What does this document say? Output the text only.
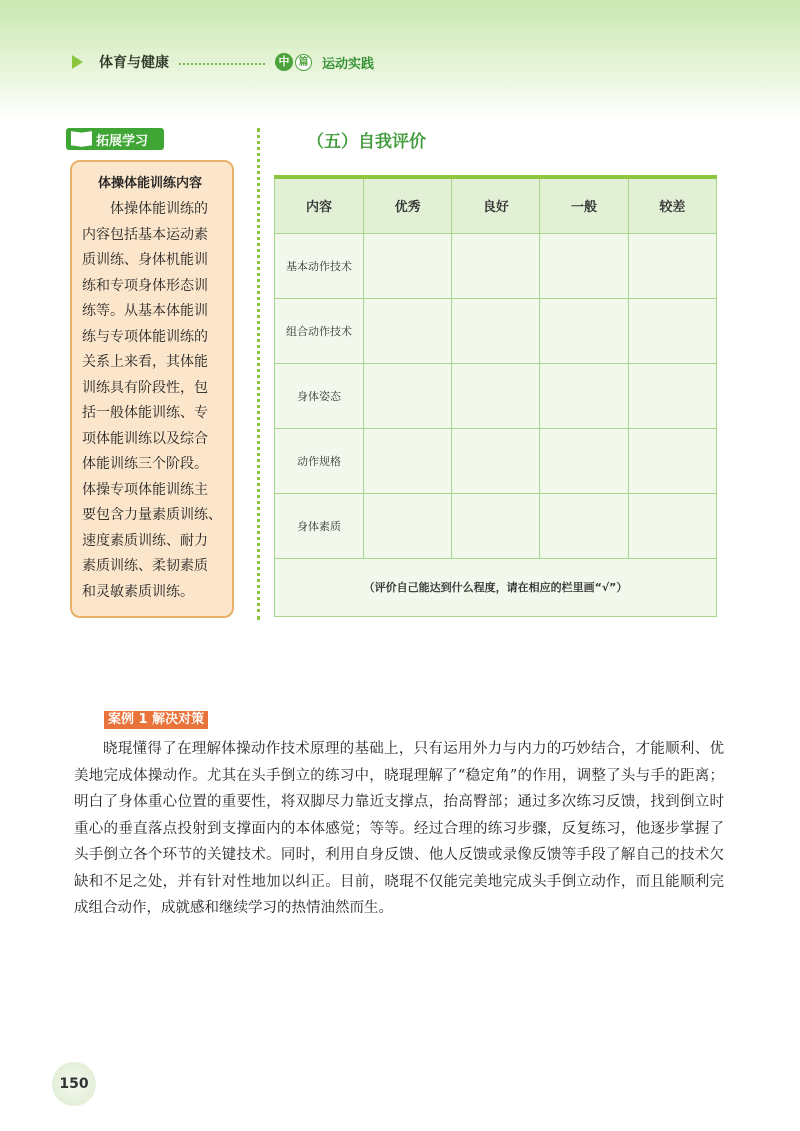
体育与健康	中 篇 运动实践
拓展学习
体操体能训练内容
　　体操体能训练的
内容包括基本运动素
质训练、身体机能训
练和专项身体形态训
练等。从基本体能训
练与专项体能训练的
关系上来看，其体能
训练具有阶段性，包
括一般体能训练、专
项体能训练以及综合
体能训练三个阶段。
体操专项体能训练主
要包含力量素质训练、
速度素质训练、耐力
素质训练、柔韧素质
和灵敏素质训练。
（五）自我评价
内容	优秀	良好	一般	较差
基本动作技术				
组合动作技术				
身体姿态				
动作规格				
身体素质				
（评价自己能达到什么程度，请在相应的栏里画“√”）				
案例 1 解决对策
晓琨懂得了在理解体操动作技术原理的基础上，只有运用外力与内力的巧妙结合，才能顺利、优美地完成体操动作。尤其在头手倒立的练习中，晓琨理解了“稳定角”的作用，调整了头与手的距离；明白了身体重心位置的重要性，将双脚尽力靠近支撑点，抬高臀部；通过多次练习反馈，找到倒立时重心的垂直落点投射到支撑面内的本体感觉；等等。经过合理的练习步骤，反复练习，他逐步掌握了头手倒立各个环节的关键技术。同时，利用自身反馈、他人反馈或录像反馈等手段了解自己的技术欠缺和不足之处，并有针对性地加以纠正。目前，晓琨不仅能完美地完成头手倒立动作，而且能顺利完成组合动作，成就感和继续学习的热情油然而生。
150
